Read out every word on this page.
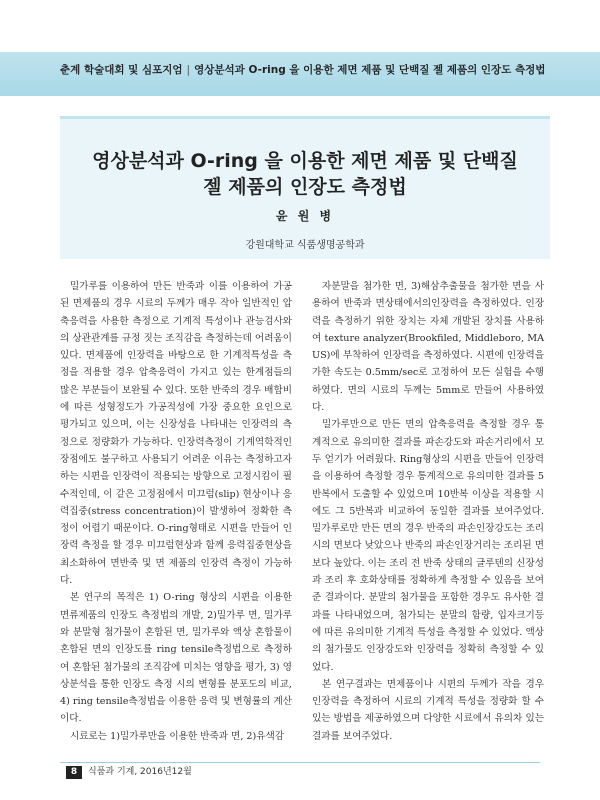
춘계 학술대회 및 심포지엄 | 영상분석과 O-ring 을 이용한 제면 제품 및 단백질 젤 제품의 인장도 측정법
영상분석과 O-ring 을 이용한 제면 제품 및 단백질
젤 제품의 인장도 측정법
윤 원 병
강원대학교 식품생명공학과

밀가루를 이용하여 만든 반죽과 이를 이용하여 가공된 면제품의 경우 시료의 두께가 매우 작아 일반적인 압축응력을 사용한 측정으로 기계적 특성이나 관능검사와의 상관관계를 규정 짓는 조직감을 측정하는데 어려움이 있다. 면제품에 인장력을 바탕으로 한 기계적특성을 측정을 적용할 경우 압축응력이 가지고 있는 한계점들의 많은 부분들이 보완될 수 있다. 또한 반죽의 경우 배합비에 따른 성형정도가 가공적성에 가장 중요한 요인으로 평가되고 있으며, 이는 신장성을 나타내는 인장력의 측정으로 정량화가 가능하다. 인장력측정이 기계역학적인 장점에도 불구하고 사용되기 어려운 이유는 측정하고자 하는 시편을 인장력이 적용되는 방향으로 고정시킴이 필수적인데, 이 같은 고정점에서 미끄럼(slip) 현상이나 응력집중(stress concentration)이 발생하여 정확한 측정이 어렵기 때문이다. O-ring형태로 시편을 만들어 인장력 측정을 할 경우 미끄럼현상과 함께 응력집중현상을 최소화하여 면반죽 및 면 제품의 인장력 측정이 가능하다.

본 연구의 목적은 1) O-ring 형상의 시편을 이용한 면류제품의 인장도 측정법의 개발, 2)밀가루 면, 밀가루와 분말형 첨가물이 혼합된 면, 밀가루와 액상 혼합물이 혼합된 면의 인장도를 ring tensile측정법으로 측정하여 혼합된 첨가물의 조직감에 미치는 영향을 평가, 3) 영상분석을 통한 인장도 측정 시의 변형를 분포도의 비교, 4) ring tensile측정법을 이용한 응력 및 변형률의 계산이다.

시료로는 1)밀가루만을 이용한 반죽과 면, 2)유색감

자분말을 첨가한 면, 3)해삼추출물을 첨가한 면을 사용하여 반죽과 면상태에서의인장력을 측정하였다. 인장력을 측정하기 위한 장치는 자체 개발된 장치를 사용하여 texture analyzer(Brookfiled, Middleboro, MA US)에 부착하여 인장력을 측정하였다. 시편에 인장력을 가한 속도는 0.5mm/sec로 고정하여 모든 실험을 수행하였다. 면의 시료의 두께는 5mm로 만들어 사용하였다.

밀가루만으로 만든 면의 압축응력을 측정할 경우 통계적으로 유의미한 결과를 파손강도와 파손거리에서 모두 얻기가 어려웠다. Ring형상의 시편을 만들어 인장력을 이용하여 측정할 경우 통계적으로 유의미한 결과를 5반복에서 도출할 수 있었으며 10반복 이상을 적용할 시에도 그 5반복과 비교하여 동일한 결과를 보여주었다. 밀가루로만 만든 면의 경우 반죽의 파손인장강도는 조리 시의 면보다 낮았으나 반죽의 파손인장거리는 조리된 면보다 높았다. 이는 조리 전 반죽 상태의 글루텐의 신장성과 조리 후 호화상태를 정확하게 측정할 수 있음을 보여준 결과이다. 분말의 첨가물을 포함한 경우도 유사한 결과를 나타내었으며, 첨가되는 분말의 함량, 입자크기등에 따른 유의미한 기계적 특성을 측정할 수 있었다. 액상의 첨가물도 인장강도와 인장력을 정확히 측정할 수 있었다.

본 연구결과는 면제품이나 시편의 두께가 작을 경우 인장력을 측정하여 시료의 기계적 특성을 정량화 할 수 있는 방법을 제공하였으며 다양한 시료에서 유의차 있는 결과를 보여주었다.

8	식품과 기계, 2016년12월
